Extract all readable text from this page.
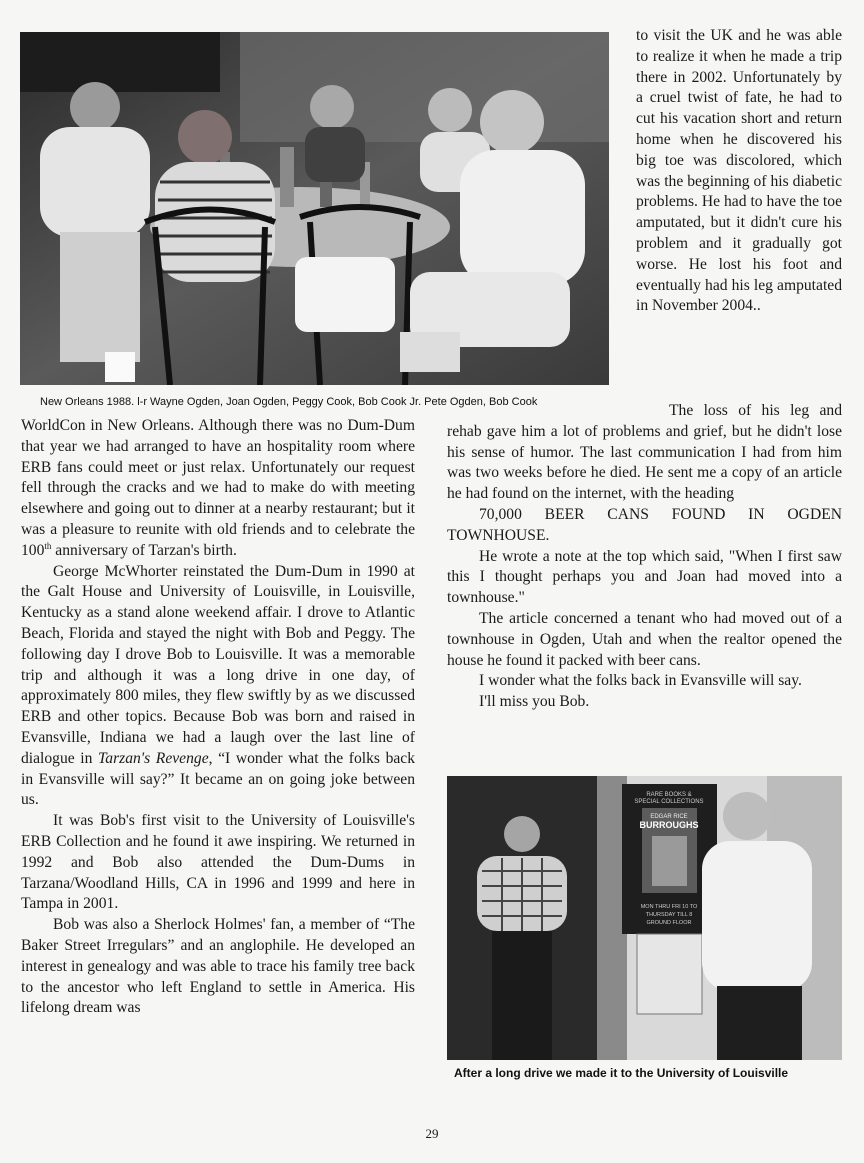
New Orleans 1988. l-r Wayne Ogden, Joan Ogden, Peggy Cook, Bob Cook Jr. Pete Ogden, Bob Cook

to visit the UK and he was able to realize it when he made a trip there in 2002. Unfortunately by a cruel twist of fate, he had to cut his vacation short and return home when he discovered his big toe was discolored, which was the beginning of his diabetic problems. He had to have the toe amputated, but it didn't cure his problem and it gradually got worse. He lost his foot and eventually had his leg amputated in November 2004..

WorldCon in New Orleans. Although there was no Dum-Dum that year we had arranged to have an hospitality room where ERB fans could meet or just relax. Unfortunately our request fell through the cracks and we had to make do with meeting elsewhere and going out to dinner at a nearby restaurant; but it was a pleasure to reunite with old friends and to celebrate the 100th anniversary of Tarzan's birth.

George McWhorter reinstated the Dum-Dum in 1990 at the Galt House and University of Louisville, in Louisville, Kentucky as a stand alone weekend affair. I drove to Atlantic Beach, Florida and stayed the night with Bob and Peggy. The following day I drove Bob to Louisville. It was a memorable trip and although it was a long drive in one day, of approximately 800 miles, they flew swiftly by as we discussed ERB and other topics. Because Bob was born and raised in Evansville, Indiana we had a laugh over the last line of dialogue in Tarzan's Revenge, “I wonder what the folks back in Evansville will say?” It became an on going joke between us.

It was Bob's first visit to the University of Louisville's ERB Collection and he found it awe inspiring. We returned in 1992 and Bob also attended the Dum-Dums in Tarzana/Woodland Hills, CA in 1996 and 1999 and here in Tampa in 2001.

Bob was also a Sherlock Holmes' fan, a member of “The Baker Street Irregulars” and an anglophile. He developed an interest in genealogy and was able to trace his family tree back to the ancestor who left England to settle in America. His lifelong dream was

The loss of his leg and rehab gave him a lot of problems and grief, but he didn't lose his sense of humor. The last communication I had from him was two weeks before he died. He sent me a copy of an article he had found on the internet, with the heading

70,000 BEER CANS FOUND IN OGDEN TOWNHOUSE.

He wrote a note at the top which said, "When I first saw this I thought perhaps you and Joan had moved into a townhouse."

The article concerned a tenant who had moved out of a townhouse in Ogden, Utah and when the realtor opened the house he found it packed with beer cans.

I wonder what the folks back in Evansville will say.

I'll miss you Bob.

RARE BOOKS &
SPECIAL COLLECTIONS
EDGAR RICE
BURROUGHS
MON THRU FRI 10 TO
THURSDAY TILL 8
GROUND FLOOR
After a long drive we made it to the University of Louisville
29
